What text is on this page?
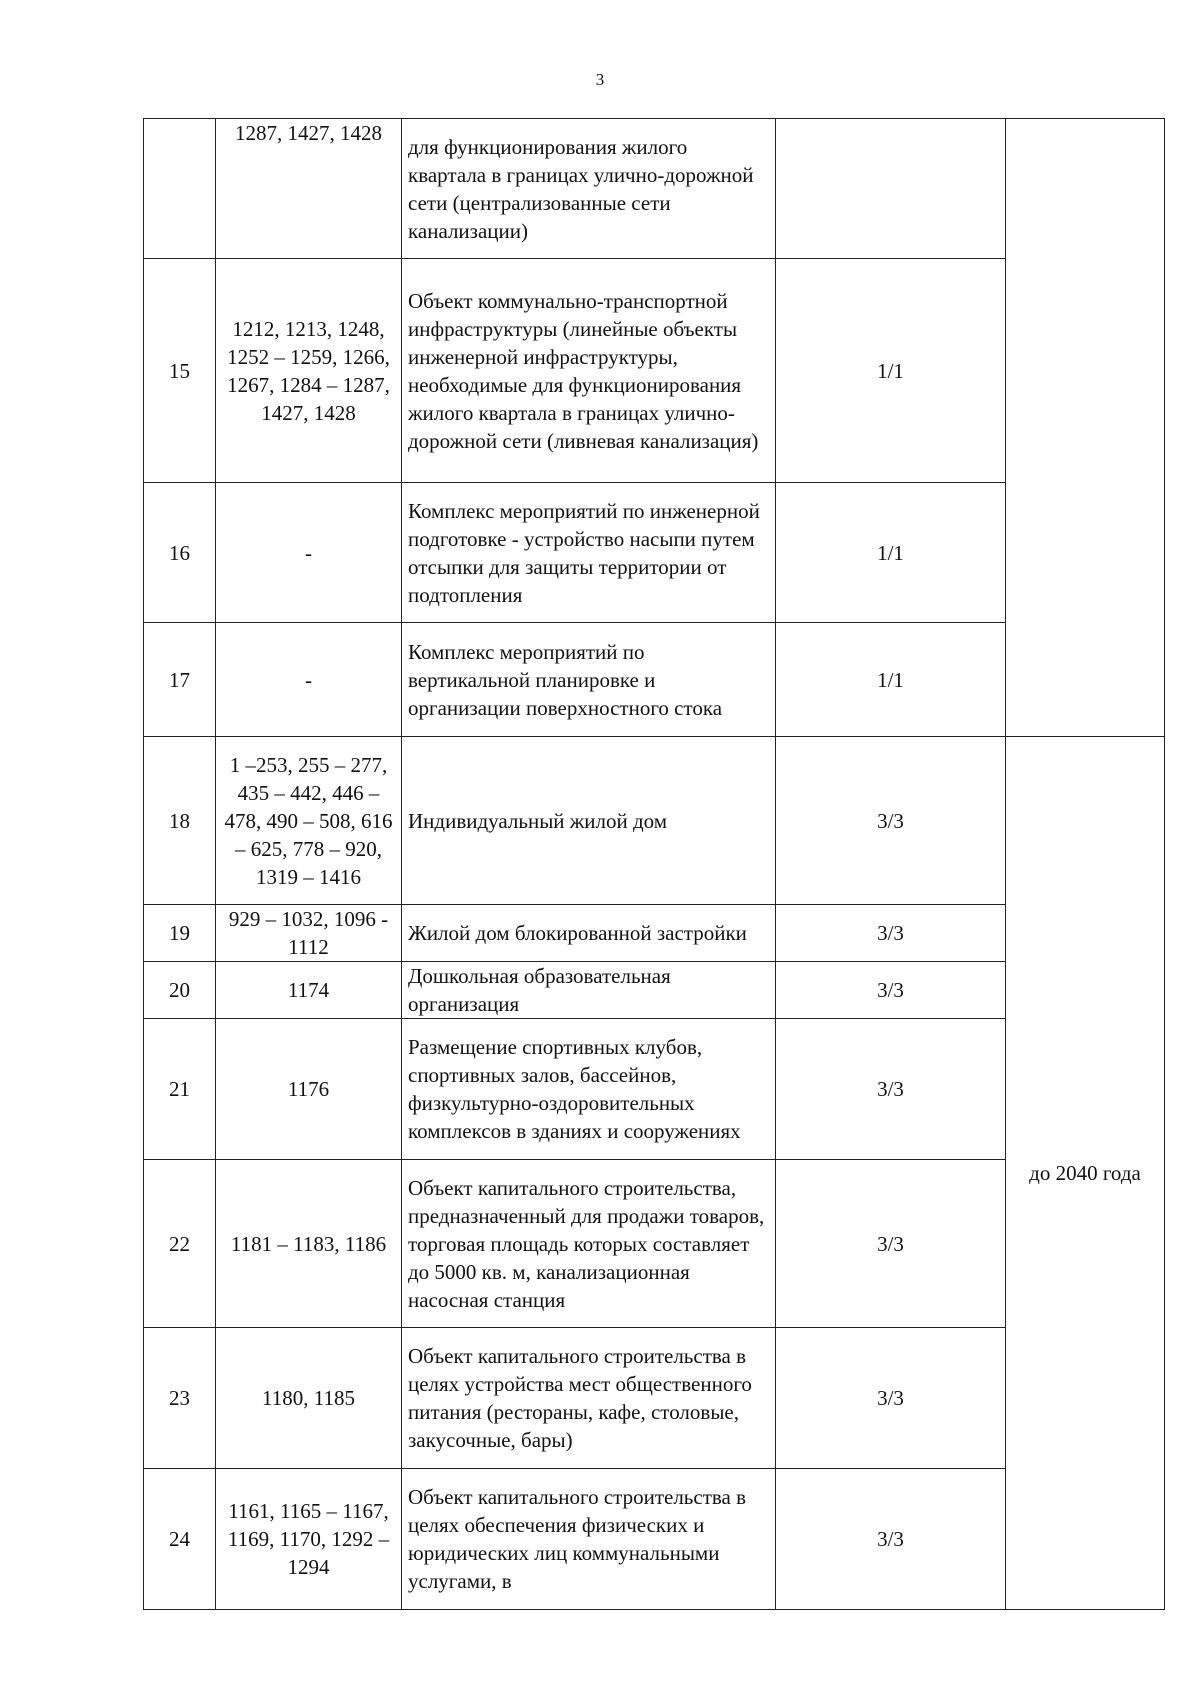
3
	1287, 1427, 1428	для функционирования жилого квартала в границах улично-дорожной сети (централизованные сети канализации)		
15	1212, 1213, 1248, 1252 – 1259, 1266, 1267, 1284 – 1287, 1427, 1428	Объект коммунально-транспортной инфраструктуры (линейные объекты инженерной инфраструктуры, необходимые для функционирования жилого квартала в границах улично-дорожной сети (ливневая канализация)	1/1	
16	-	Комплекс мероприятий по инженерной подготовке - устройство насыпи путем отсыпки для защиты территории от подтопления	1/1	
17	-	Комплекс мероприятий по вертикальной планировке и организации поверхностного стока	1/1	
18	1 –253, 255 – 277, 435 – 442, 446 – 478, 490 – 508, 616 – 625, 778 – 920, 1319 – 1416	Индивидуальный жилой дом	3/3	до 2040 года
19	929 – 1032, 1096 - 1112	Жилой дом блокированной застройки	3/3	
20	1174	Дошкольная образовательная организация	3/3	
21	1176	Размещение спортивных клубов, спортивных залов, бассейнов, физкультурно-оздоровительных комплексов в зданиях и сооружениях	3/3	
22	1181 – 1183, 1186	Объект капитального строительства, предназначенный для продажи товаров, торговая площадь которых составляет до 5000 кв. м, канализационная насосная станция	3/3	
23	1180, 1185	Объект капитального строительства в целях устройства мест общественного питания (рестораны, кафе, столовые, закусочные, бары)	3/3	
24	1161, 1165 – 1167, 1169, 1170, 1292 – 1294	Объект капитального строительства в целях обеспечения физических и юридических лиц коммунальными услугами, в	3/3	
